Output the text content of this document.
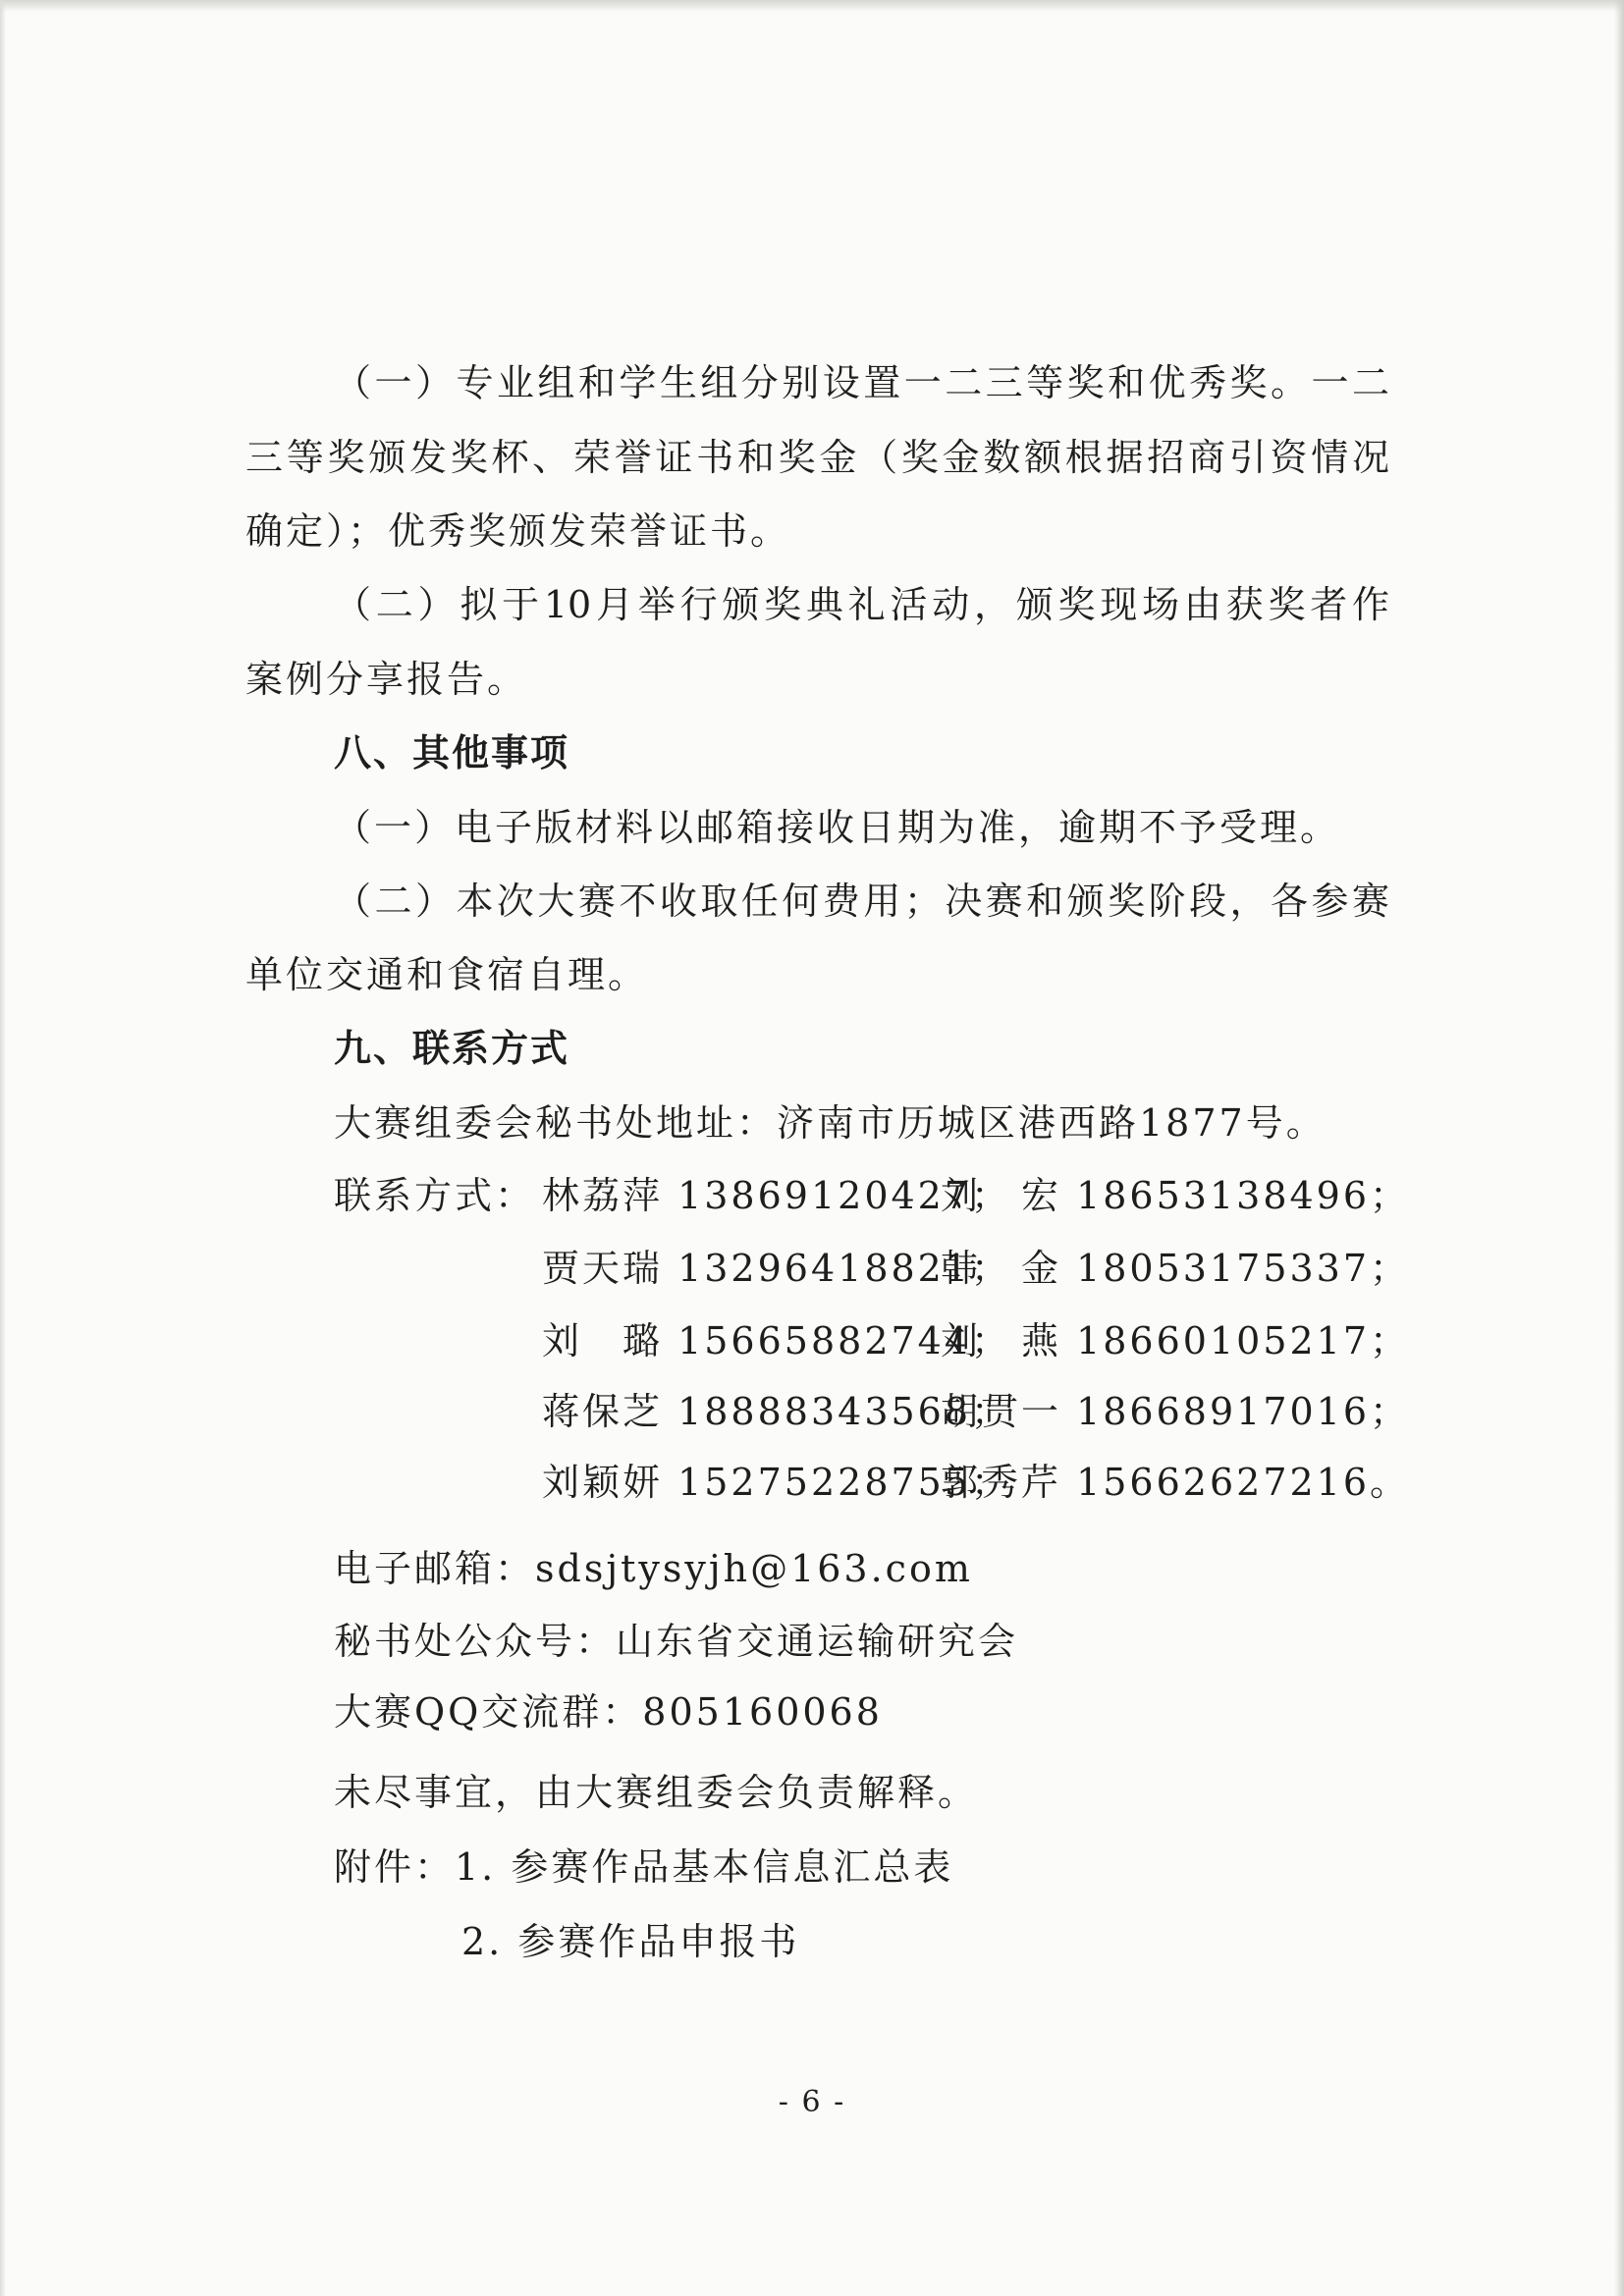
（一）专业组和学生组分别设置一二三等奖和优秀奖。一二
三等奖颁发奖杯、荣誉证书和奖金（奖金数额根据招商引资情况
确定）；优秀奖颁发荣誉证书。
（二）拟于10月举行颁奖典礼活动，颁奖现场由获奖者作
案例分享报告。
八、其他事项
（一）电子版材料以邮箱接收日期为准，逾期不予受理。
（二）本次大赛不收取任何费用；决赛和颁奖阶段，各参赛
单位交通和食宿自理。
九、联系方式
大赛组委会秘书处地址：济南市历城区港西路1877号。
联系方式： 林荔萍 13869120427；
刘　宏 18653138496；
贾天瑞 13296418821；
韩　金 18053175337；
刘　璐 15665882744；
刘　燕 18660105217；
蒋保芝 18888343568；
胡贯一 18668917016；
刘颖妍 15275228755；
郭秀芹 15662627216。
电子邮箱：sdsjtysyjh@163.com
秘书处公众号：山东省交通运输研究会
大赛QQ交流群：805160068
未尽事宜，由大赛组委会负责解释。
附件：1. 参赛作品基本信息汇总表
2. 参赛作品申报书
- 6 -
